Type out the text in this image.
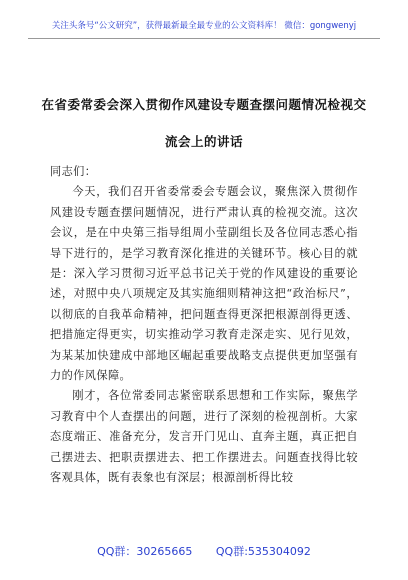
关注头条号“公文研究”，获得最新最全最专业的公文资料库！ 微信：gongwenyj
在省委常委会深入贯彻作风建设专题查摆问题情况检视交
流会上的讲话

同志们：

今天，我们召开省委常委会专题会议，聚焦深入贯彻作风建设专题查摆问题情况，进行严肃认真的检视交流。这次会议，是在中央第三指导组周小莹副组长及各位同志悉心指导下进行的，是学习教育深化推进的关键环节。核心目的就是：深入学习贯彻习近平总书记关于党的作风建设的重要论述，对照中央八项规定及其实施细则精神这把“政治标尺”，以彻底的自我革命精神，把问题查得更深把根源剖得更透、把措施定得更实，切实推动学习教育走深走实、见行见效，为某某加快建成中部地区崛起重要战略支点提供更加坚强有力的作风保障。

刚才，各位常委同志紧密联系思想和工作实际，聚焦学习教育中个人查摆出的问题，进行了深刻的检视剖析。大家态度端正、准备充分，发言开门见山、直奔主题，真正把自己摆进去、把职责摆进去、把工作摆进去。问题查找得比较客观具体，既有表象也有深层；根源剖析得比较

QQ群：30265665 QQ群:535304092
